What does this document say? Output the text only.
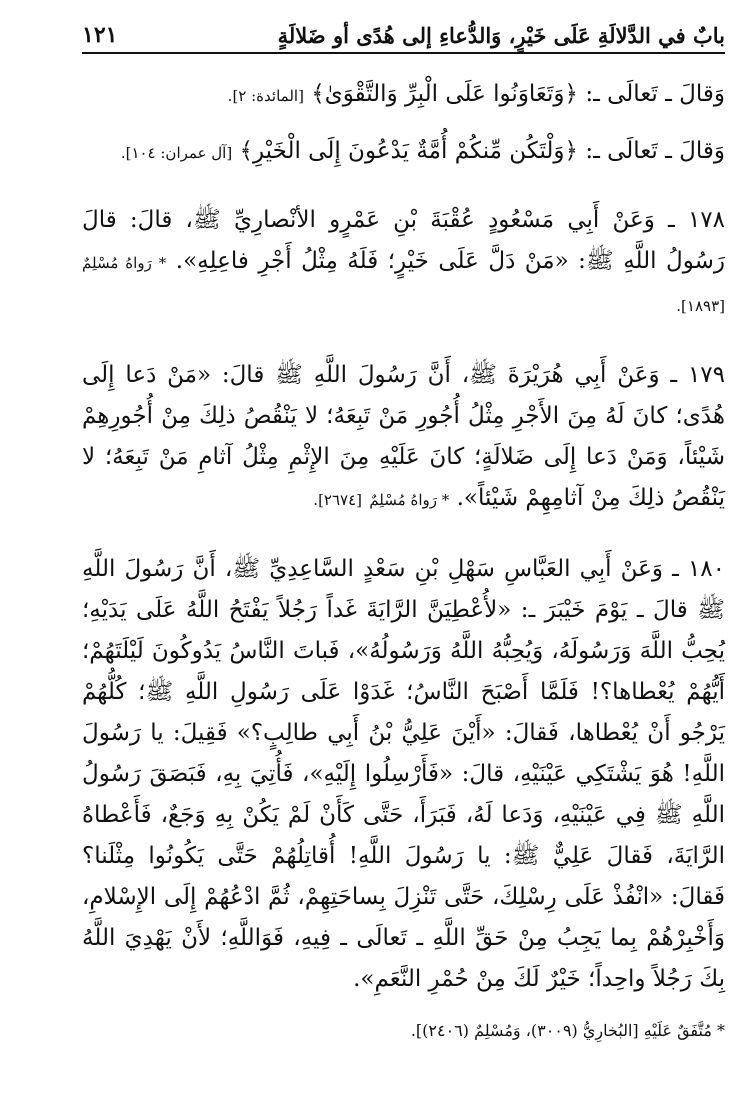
١٢١	بابٌ في الدَّلالَةِ عَلَى خَيْرٍ، وَالدُّعاءِ إلى هُدًى أو ضَلالَةٍ

وَقالَ ـ تَعالَى ـ: ﴿وَتَعَاوَنُوا عَلَى الْبِرِّ وَالتَّقْوَىٰ﴾ [المائدة: ٢].

وَقالَ ـ تَعالَى ـ: ﴿وَلْتَكُن مِّنكُمْ أُمَّةٌ يَدْعُونَ إِلَى الْخَيْرِ﴾ [آل عمران: ١٠٤].

١٧٨ ـ وَعَنْ أَبِي مَسْعُودٍ عُقْبَةَ بْنِ عَمْرٍو الأنْصارِيِّ ﷺ، قالَ: قالَ رَسُولُ اللَّهِ ﷺ: «مَنْ دَلَّ عَلَى خَيْرٍ؛ فَلَهُ مِثْلُ أَجْرِ فاعِلِهِ». * رَواهُ مُسْلِمٌ [١٨٩٣].

١٧٩ ـ وَعَنْ أَبِي هُرَيْرَةَ ﷺ، أَنَّ رَسُولَ اللَّهِ ﷺ قالَ: «مَنْ دَعا إِلَى هُدًى؛ كانَ لَهُ مِنَ الأَجْرِ مِثْلُ أُجُورِ مَنْ تَبِعَهُ؛ لا يَنْقُصُ ذلِكَ مِنْ أُجُورِهِمْ شَيْئاً، وَمَنْ دَعا إِلَى ضَلالَةٍ؛ كانَ عَلَيْهِ مِنَ الإِثْمِ مِثْلُ آثامِ مَنْ تَبِعَهُ؛ لا يَنْقُصُ ذلِكَ مِنْ آثامِهِمْ شَيْئاً». * رَواهُ مُسْلِمٌ [٢٦٧٤].

١٨٠ ـ وَعَنْ أَبِي العَبَّاسِ سَهْلِ بْنِ سَعْدٍ السَّاعِدِيِّ ﷺ، أَنَّ رَسُولَ اللَّهِ ﷺ قالَ ـ يَوْمَ خَيْبَرَ ـ: «لأُعْطِيَنَّ الرَّايَةَ غَداً رَجُلاً يَفْتَحُ اللَّهُ عَلَى يَدَيْهِ؛ يُحِبُّ اللَّهَ وَرَسُولَهُ، وَيُحِبُّهُ اللَّهُ وَرَسُولُهُ»، فَباتَ النَّاسُ يَدُوكُونَ لَيْلَتَهُمْ؛ أَيُّهُمْ يُعْطاها؟! فَلَمَّا أَصْبَحَ النَّاسُ؛ غَدَوْا عَلَى رَسُولِ اللَّهِ ﷺ؛ كُلُّهُمْ يَرْجُو أَنْ يُعْطاها، فَقالَ: «أَيْنَ عَلِيُّ بْنُ أَبِي طالِبٍ؟» فَقِيلَ: يا رَسُولَ اللَّهِ! هُوَ يَشْتَكِي عَيْنَيْهِ، قالَ: «فَأَرْسِلُوا إِلَيْهِ»، فَأُتِيَ بِهِ، فَبَصَقَ رَسُولُ اللَّهِ ﷺ فِي عَيْنَيْهِ، وَدَعا لَهُ، فَبَرَأَ، حَتَّى كَأَنْ لَمْ يَكُنْ بِهِ وَجَعٌ، فَأَعْطاهُ الرَّايَةَ، فَقالَ عَلِيٌّ ﷺ: يا رَسُولَ اللَّهِ! أُقاتِلُهُمْ حَتَّى يَكُونُوا مِثْلَنا؟ فَقالَ: «انْفُذْ عَلَى رِسْلِكَ، حَتَّى تَنْزِلَ بِساحَتِهِمْ، ثُمَّ ادْعُهُمْ إِلَى الإِسْلامِ، وَأَخْبِرْهُمْ بِما يَجِبُ مِنْ حَقِّ اللَّهِ ـ تَعالَى ـ فِيهِ، فَوَاللَّهِ؛ لأَنْ يَهْدِيَ اللَّهُ بِكَ رَجُلاً واحِداً؛ خَيْرٌ لَكَ مِنْ حُمْرِ النَّعَمِ».

* مُتَّفَقٌ عَلَيْهِ [البُخارِيُّ (٣٠٠٩)، وَمُسْلِمٌ (٢٤٠٦)].
